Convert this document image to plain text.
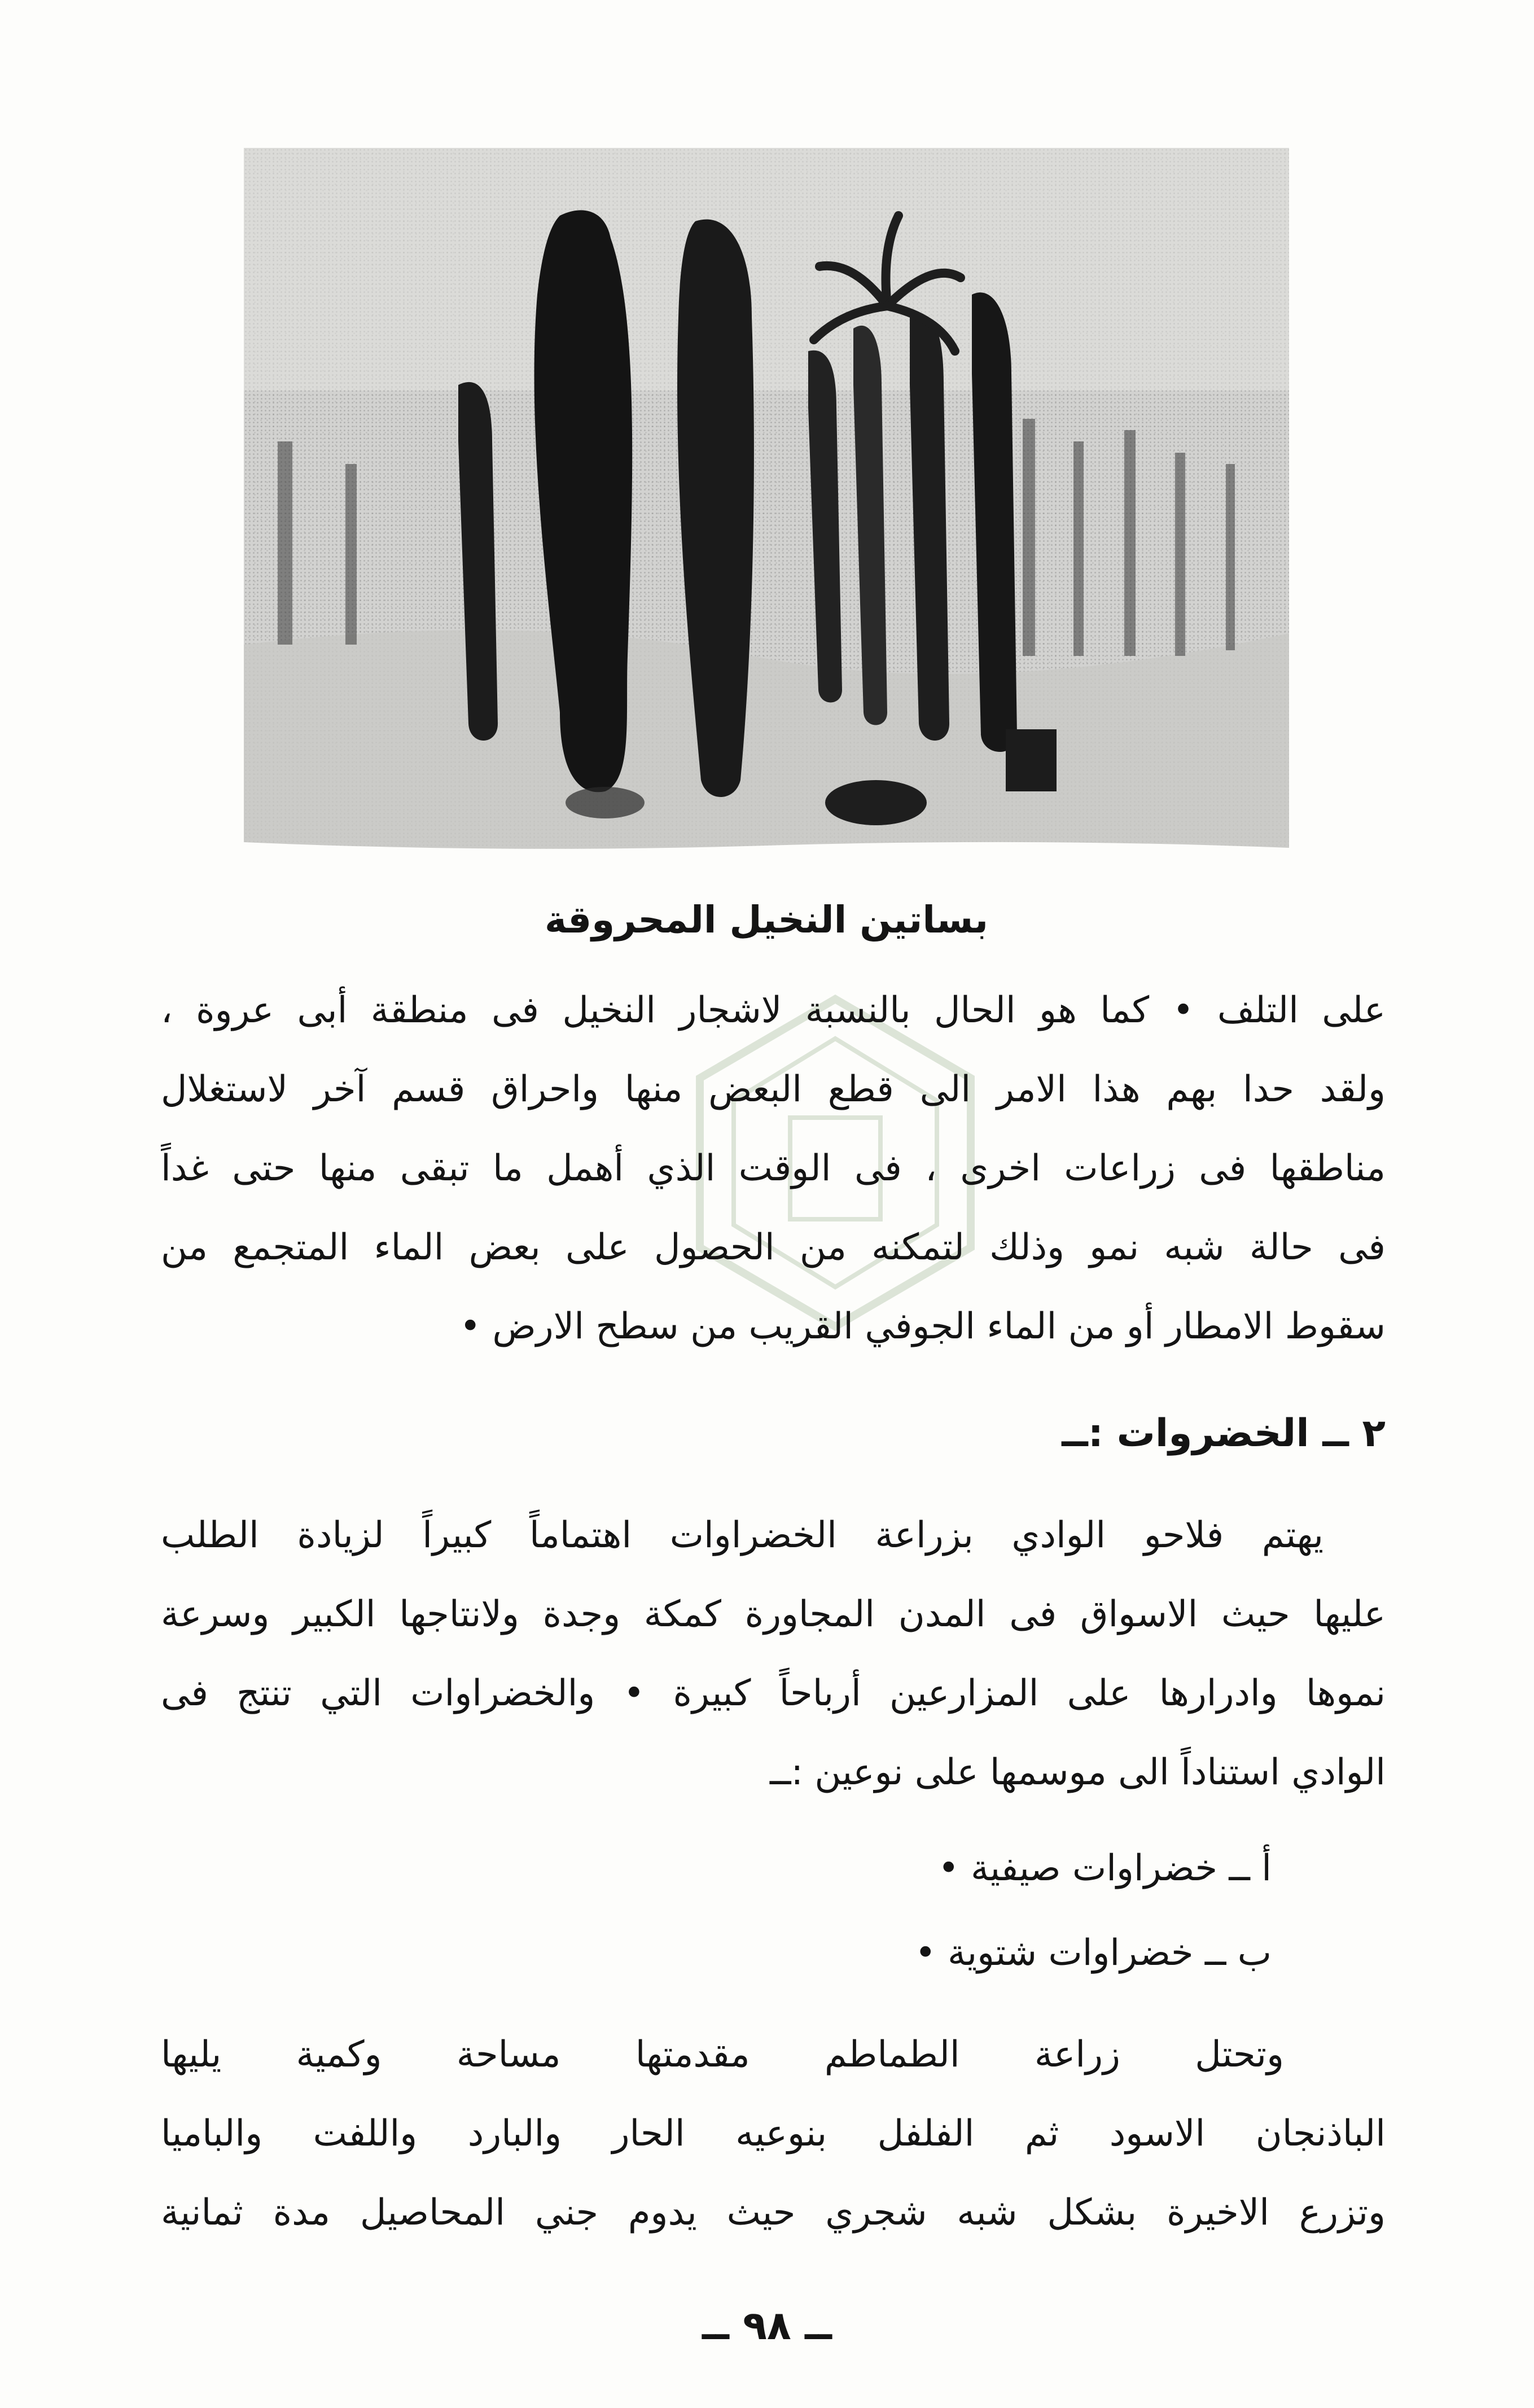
بساتين النخيل المحروقة
على التلف • كما هو الحال بالنسبة لاشجار النخيل فى منطقة أبى عروة ،
ولقد حدا بهم هذا الامر الى قطع البعض منها واحراق قسم آخر لاستغلال
مناطقها فى زراعات اخرى ، فى الوقت الذي أهمل ما تبقى منها حتى غداً
فى حالة شبه نمو وذلك لتمكنه من الحصول على بعض الماء المتجمع من
سقوط الامطار أو من الماء الجوفي القريب من سطح الارض •
٢ ــ الخضروات :ــ
يهتم فلاحو الوادي بزراعة الخضراوات اهتماماً كبيراً لزيادة الطلب
عليها حيث الاسواق فى المدن المجاورة كمكة وجدة ولانتاجها الكبير وسرعة
نموها وادرارها على المزارعين أرباحاً كبيرة • والخضراوات التي تنتج فى
الوادي استناداً الى موسمها على نوعين :ــ
أ ــ خضراوات صيفية •
ب ــ خضراوات شتوية •
وتحتل زراعة الطماطم مقدمتها مساحة وكمية يليها
الباذنجان الاسود ثم الفلفل بنوعيه الحار والبارد واللفت والباميا
وتزرع الاخيرة بشكل شبه شجري حيث يدوم جني المحاصيل مدة ثمانية
ــ ٩٨ ــ
